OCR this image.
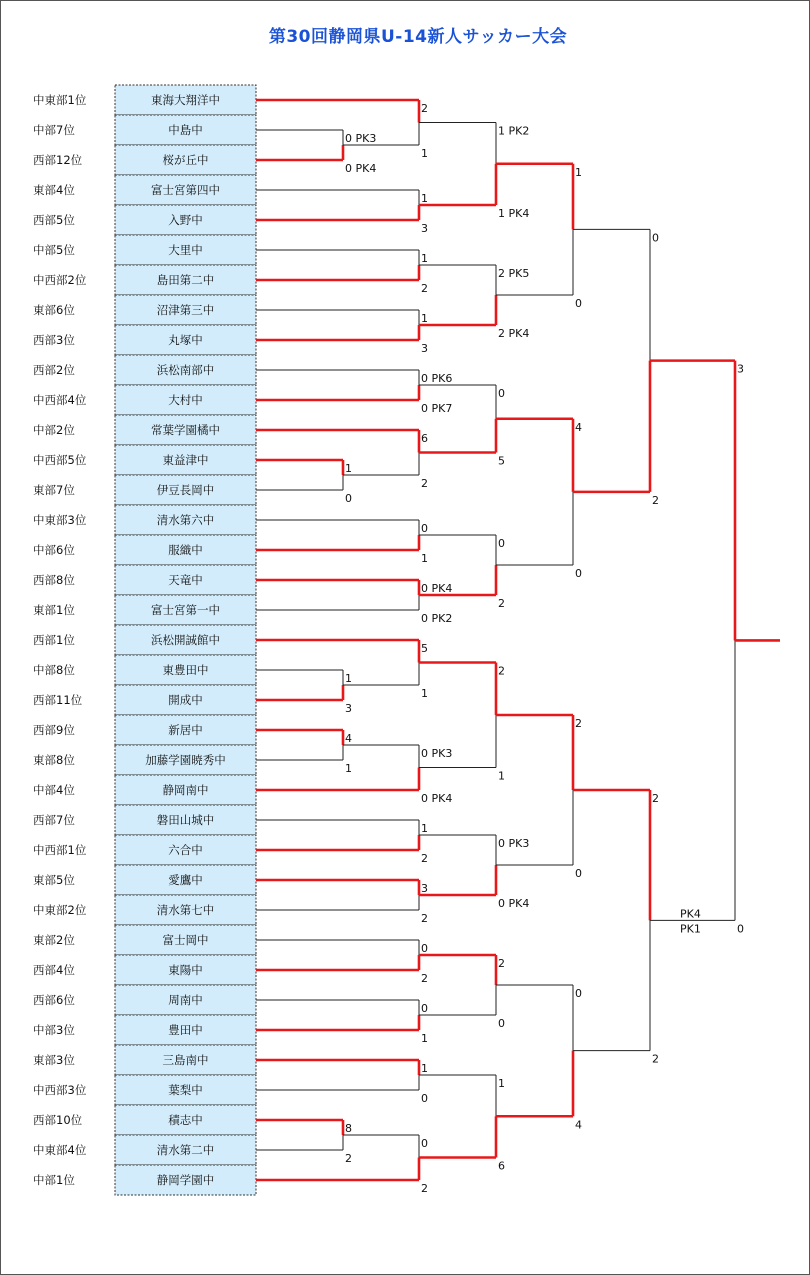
第30回静岡県U-14新人サッカー大会
中東部1位	東海大翔洋中
中部7位	中島中
西部12位	桜が丘中
東部4位	富士宮第四中
西部5位	入野中
中部5位	大里中
中西部2位	島田第二中
東部6位	沼津第三中
西部3位	丸塚中
西部2位	浜松南部中
中西部4位	大村中
中部2位	常葉学園橘中
中西部5位	東益津中
東部7位	伊豆長岡中
中東部3位	清水第六中
中部6位	服織中
西部8位	天竜中
東部1位	富士宮第一中
西部1位	浜松開誠館中
中部8位	東豊田中
西部11位	開成中
西部9位	新居中
東部8位	加藤学園暁秀中
中部4位	静岡南中
西部7位	磐田山城中
中西部1位	六合中
東部5位	愛鷹中
中東部2位	清水第七中
東部2位	富士岡中
西部4位	東陽中
西部6位	周南中
中部3位	豊田中
東部3位	三島南中
中西部3位	葉梨中
西部10位	積志中
中東部4位	清水第二中
中部1位	静岡学園中
0 PK3
0 PK4
1
0
1
3
4
1
8
2
2
1
1
3
1
2
1
3
0 PK6
0 PK7
6
2
0
1
0 PK4
0 PK2
5
1
0 PK3
0 PK4
1
2
3
2
0
2
0
1
1
0
0
2
1 PK2
1 PK4
2 PK5
2 PK4
0
5
0
2
2
1
0 PK3
0 PK4
2
0
1
6
1
0
4
0
2
0
0
4
0
2
2
2
PK4
PK1
3
0
